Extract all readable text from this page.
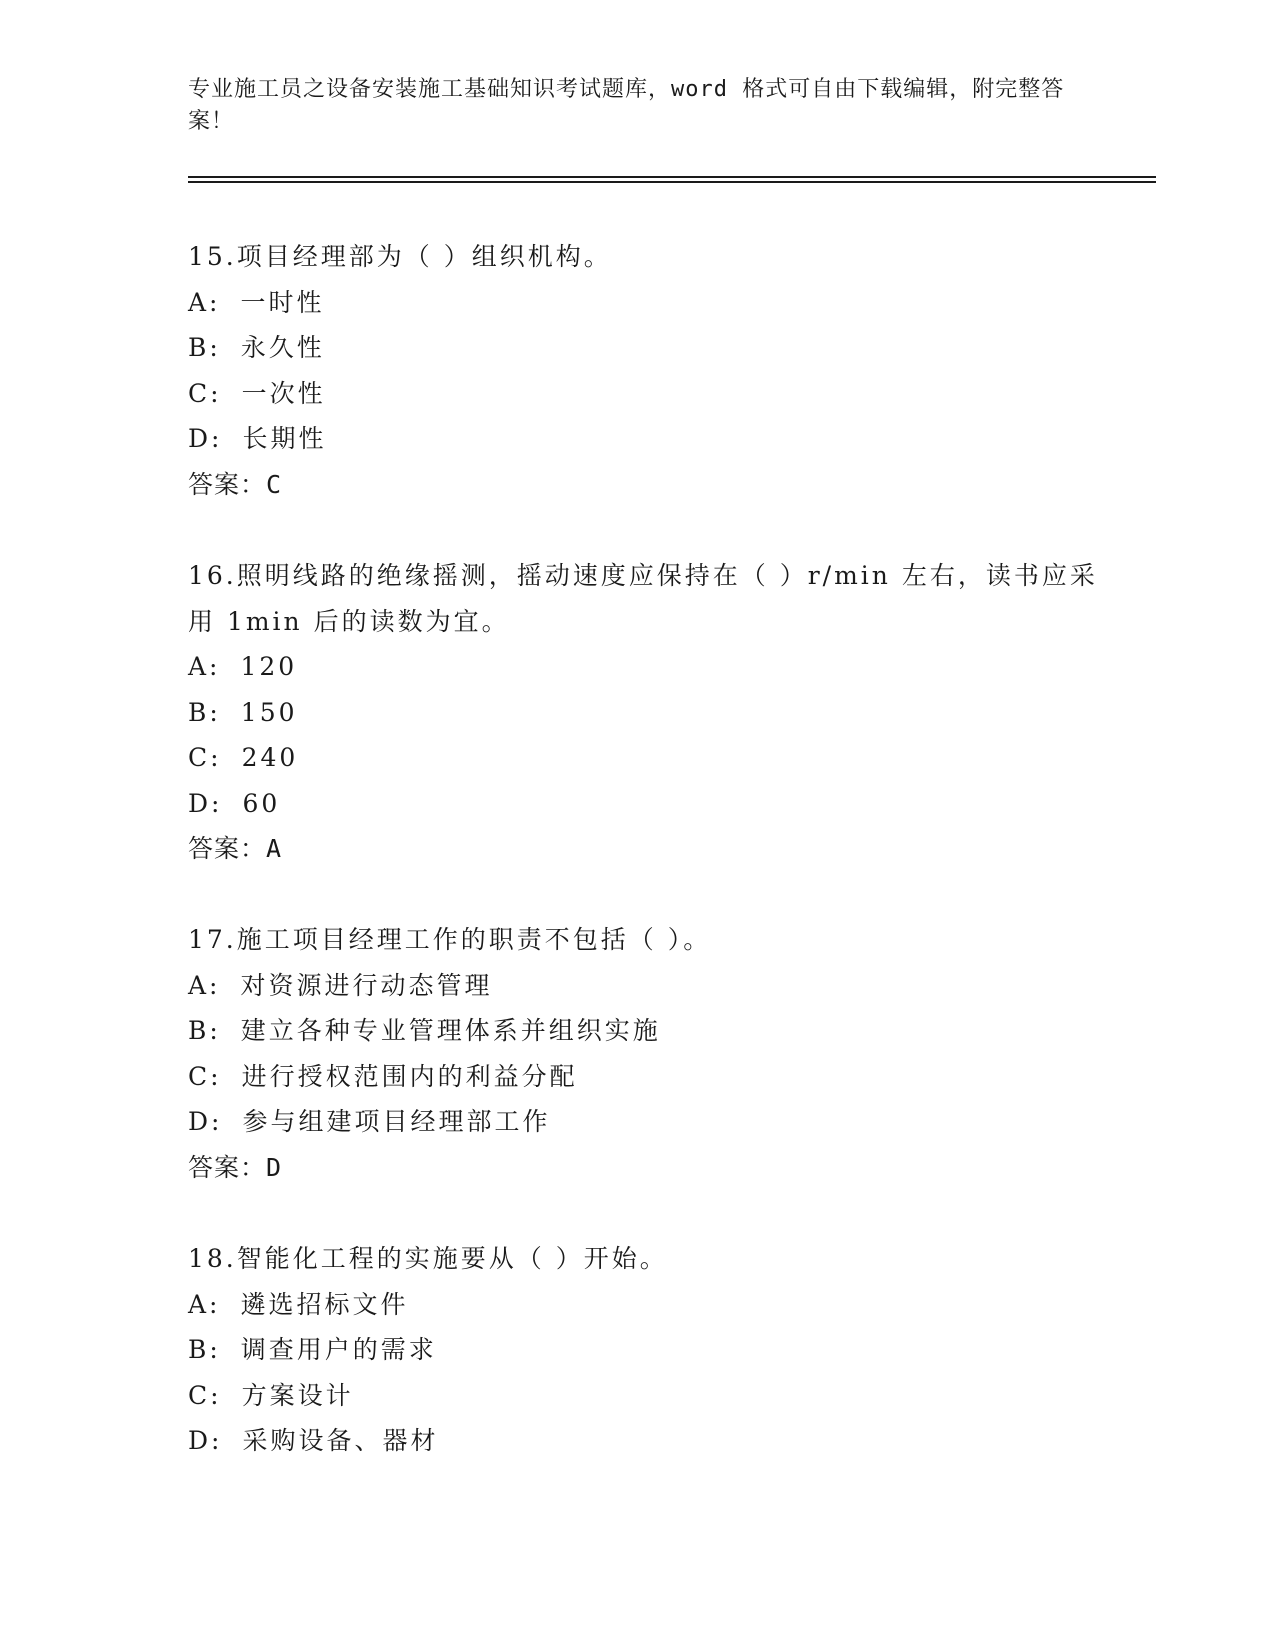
专业施工员之设备安装施工基础知识考试题库，word 格式可自由下载编辑，附完整答案！
15.项目经理部为（ ）组织机构。
A: 一时性
B: 永久性
C: 一次性
D: 长期性
答案：C
16.照明线路的绝缘摇测，摇动速度应保持在（ ）r/min 左右，读书应采用 1min 后的读数为宜。
A: 120
B: 150
C: 240
D: 60
答案：A
17.施工项目经理工作的职责不包括（ ）。
A: 对资源进行动态管理
B: 建立各种专业管理体系并组织实施
C: 进行授权范围内的利益分配
D: 参与组建项目经理部工作
答案：D
18.智能化工程的实施要从（ ）开始。
A: 遴选招标文件
B: 调查用户的需求
C: 方案设计
D: 采购设备、器材
